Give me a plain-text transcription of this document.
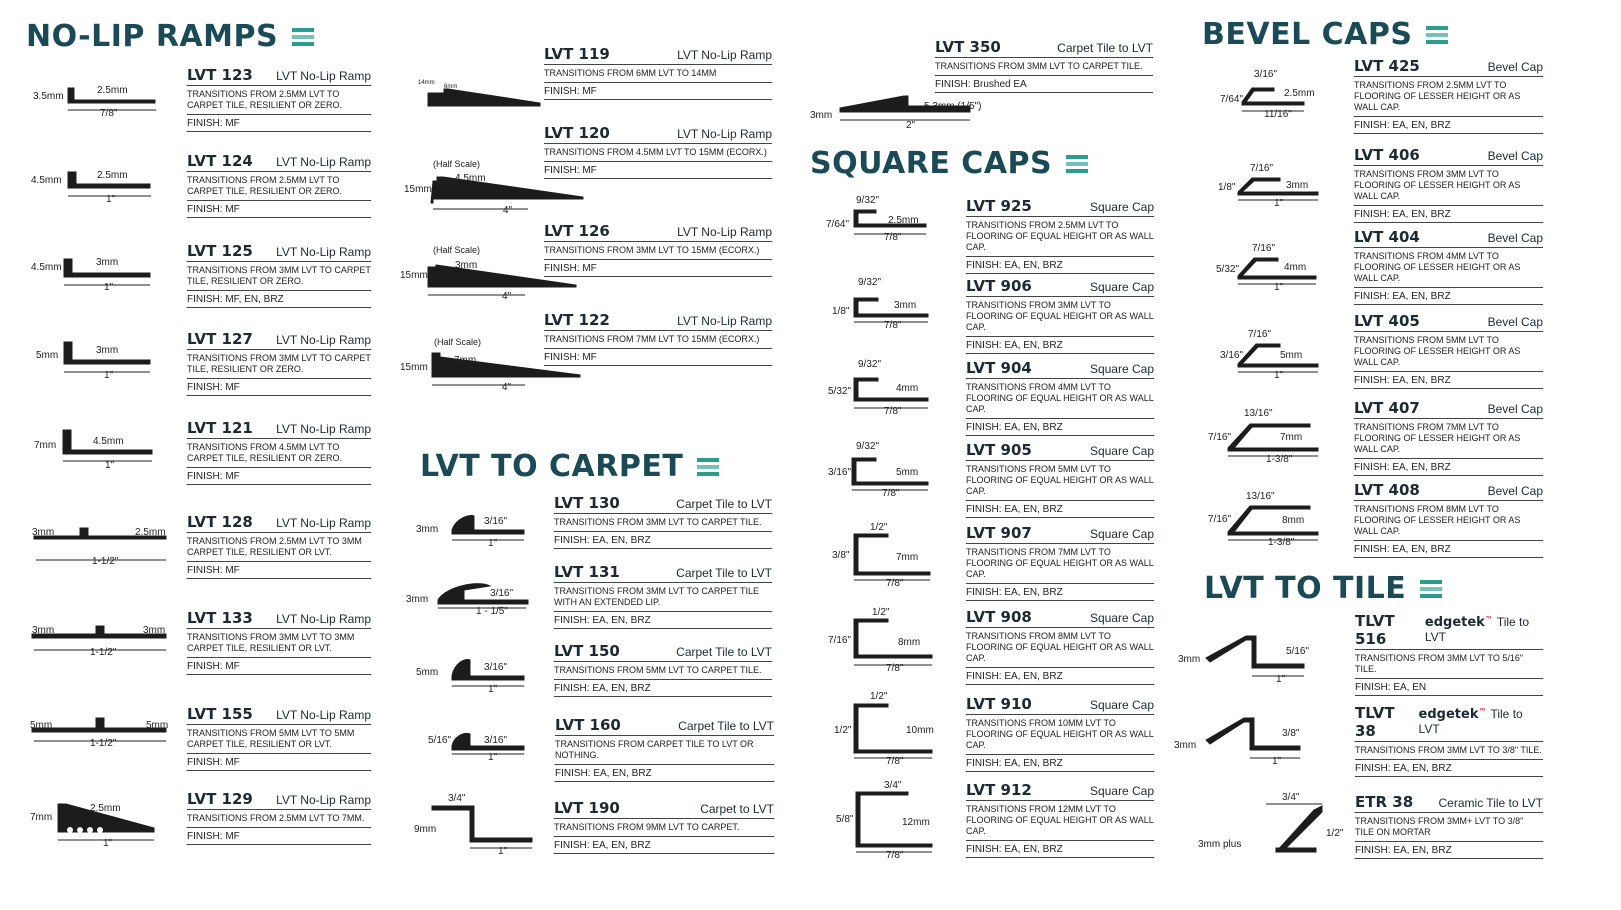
NO-LIP RAMPS
LVT TO CARPET
SQUARE CAPS
BEVEL CAPS
LVT TO TILE
LVT 123 LVT No-Lip Ramp
TRANSITIONS FROM 2.5MM LVT TO CARPET TILE, RESILIENT OR ZERO.
FINISH: MF
LVT 124 LVT No-Lip Ramp
TRANSITIONS FROM 2.5MM LVT TO CARPET TILE, RESILIENT OR ZERO.
FINISH: MF
LVT 125 LVT No-Lip Ramp
TRANSITIONS FROM 3MM LVT TO CARPET TILE, RESILIENT OR ZERO.
FINISH: MF, EN, BRZ
LVT 127 LVT No-Lip Ramp
TRANSITIONS FROM 3MM LVT TO CARPET TILE, RESILIENT OR ZERO.
FINISH: MF
LVT 121 LVT No-Lip Ramp
TRANSITIONS FROM 4.5MM LVT TO CARPET TILE, RESILIENT OR ZERO.
FINISH: MF
LVT 128 LVT No-Lip Ramp
TRANSITIONS FROM 2.5MM LVT TO 3MM CARPET TILE, RESILIENT OR LVT.
FINISH: MF
LVT 133 LVT No-Lip Ramp
TRANSITIONS FROM 3MM LVT TO 3MM CARPET TILE, RESILIENT OR LVT.
FINISH: MF
LVT 155 LVT No-Lip Ramp
TRANSITIONS FROM 5MM LVT TO 5MM CARPET TILE, RESILIENT OR LVT.
FINISH: MF
LVT 129 LVT No-Lip Ramp
TRANSITIONS FROM 2.5MM LVT TO 7MM.
FINISH: MF
LVT 119	LVT No-Lip Ramp
TRANSITIONS FROM 6MM LVT TO 14MM
FINISH: MF
LVT 120	LVT No-Lip Ramp
TRANSITIONS FROM 4.5MM LVT TO 15MM (ECORX.)
FINISH: MF
LVT 126	LVT No-Lip Ramp
TRANSITIONS FROM 3MM LVT TO 15MM (ECORX.)
FINISH: MF
LVT 122	LVT No-Lip Ramp
TRANSITIONS FROM 7MM LVT TO 15MM (ECORX.)
FINISH: MF
LVT 130	Carpet Tile to LVT
TRANSITIONS FROM 3MM LVT TO CARPET TILE.
FINISH: EA, EN, BRZ
LVT 131	Carpet Tile to LVT
TRANSITIONS FROM 3MM LVT TO CARPET TILE WITH AN EXTENDED LIP.
FINISH: EA, EN, BRZ
LVT 150	Carpet Tile to LVT
TRANSITIONS FROM 5MM LVT TO CARPET TILE.
FINISH: EA, EN, BRZ
LVT 160	Carpet Tile to LVT
TRANSITIONS FROM CARPET TILE TO LVT OR NOTHING.
FINISH: EA, EN, BRZ
LVT 190	Carpet to LVT
TRANSITIONS FROM 9MM LVT TO CARPET.
FINISH: EA, EN, BRZ
LVT 350	Carpet Tile to LVT
TRANSITIONS FROM 3MM LVT TO CARPET TILE.
FINISH: Brushed EA
LVT 925	Square Cap
TRANSITIONS FROM 2.5MM LVT TO FLOORING OF EQUAL HEIGHT OR AS WALL CAP.
FINISH: EA, EN, BRZ
LVT 906	Square Cap
TRANSITIONS FROM 3MM LVT TO FLOORING OF EQUAL HEIGHT OR AS WALL CAP.
FINISH: EA, EN, BRZ
LVT 904	Square Cap
TRANSITIONS FROM 4MM LVT TO FLOORING OF EQUAL HEIGHT OR AS WALL CAP.
FINISH: EA, EN, BRZ
LVT 905	Square Cap
TRANSITIONS FROM 5MM LVT TO FLOORING OF EQUAL HEIGHT OR AS WALL CAP.
FINISH: EA, EN, BRZ
LVT 907	Square Cap
TRANSITIONS FROM 7MM LVT TO FLOORING OF EQUAL HEIGHT OR AS WALL CAP.
FINISH: EA, EN, BRZ
LVT 908	Square Cap
TRANSITIONS FROM 8MM LVT TO FLOORING OF EQUAL HEIGHT OR AS WALL CAP.
FINISH: EA, EN, BRZ
LVT 910	Square Cap
TRANSITIONS FROM 10MM LVT TO FLOORING OF EQUAL HEIGHT OR AS WALL CAP.
FINISH: EA, EN, BRZ
LVT 912	Square Cap
TRANSITIONS FROM 12MM LVT TO FLOORING OF EQUAL HEIGHT OR AS WALL CAP.
FINISH: EA, EN, BRZ
LVT 425	Bevel Cap
TRANSITIONS FROM 2.5MM LVT TO FLOORING OF LESSER HEIGHT OR AS WALL CAP.
FINISH: EA, EN, BRZ
LVT 406	Bevel Cap
TRANSITIONS FROM 3MM LVT TO FLOORING OF LESSER HEIGHT OR AS WALL CAP.
FINISH: EA, EN, BRZ
LVT 404	Bevel Cap
TRANSITIONS FROM 4MM LVT TO FLOORING OF LESSER HEIGHT OR AS WALL CAP.
FINISH: EA, EN, BRZ
LVT 405	Bevel Cap
TRANSITIONS FROM 5MM LVT TO FLOORING OF LESSER HEIGHT OR AS WALL CAP.
FINISH: EA, EN, BRZ
LVT 407	Bevel Cap
TRANSITIONS FROM 7MM LVT TO FLOORING OF LESSER HEIGHT OR AS WALL CAP.
FINISH: EA, EN, BRZ
LVT 408	Bevel Cap
TRANSITIONS FROM 8MM LVT TO FLOORING OF LESSER HEIGHT OR AS WALL CAP.
FINISH: EA, EN, BRZ
TLVT 516
edgetek™ Tile to LVT
TRANSITIONS FROM 3MM LVT TO 5/16" TILE.
FINISH: EA, EN
TLVT 38
edgetek™ Tile to LVT
TRANSITIONS FROM 3MM LVT TO 3/8" TILE.
FINISH: EA, EN, BRZ
ETR 38 Ceramic Tile to LVT
TRANSITIONS FROM 3MM+ LVT TO 3/8" TILE ON MORTAR
FINISH: EA, EN, BRZ
3.5mm
2.5mm
7/8"
4.5mm	2.5mm
1"
4.5mm	3mm
1"
5mm	3mm
1"
7mm	4.5mm
1"
3mm	2.5mm
1-1/2"
3mm	3mm
1-1/2"
5mm	5mm
1-1/2"
7mm
2.5mm
1"
14mm
6mm
(Half Scale)
15mm
4.5mm
4"
(Half Scale)
15mm
3mm
4"
(Half Scale)
15mm
7mm
4"
3mm
3/16"
1"
3mm
3/16"
1 - 1/5"
5mm	3/16"
1"
5/16"	3/16"
1"
3/4"
9mm
1"
3mm
5.3mm (1/5")
2"
9/32"
7/64"	2.5mm
7/8"
9/32"
1/8"
3mm
7/8"
9/32"
5/32"	4mm
7/8"
9/32"
3/16"	5mm
7/8"
1/2"
3/8"	7mm
7/8"
1/2"
7/16"	8mm
7/8"
1/2"
1/2"	10mm
7/8"
3/4"
5/8"	12mm
7/8"
3/16"
7/64"
2.5mm
11/16"
7/16"
1/8"	3mm
1"
7/16"
5/32"	4mm
1"
7/16"
3/16"	5mm
1"
13/16"
7/16"	7mm
1-3/8"
13/16"
7/16"	8mm
1-3/8"
3mm
5/16"
1"
3mm
3/8"
1"
3/4"
3mm plus
1/2"
